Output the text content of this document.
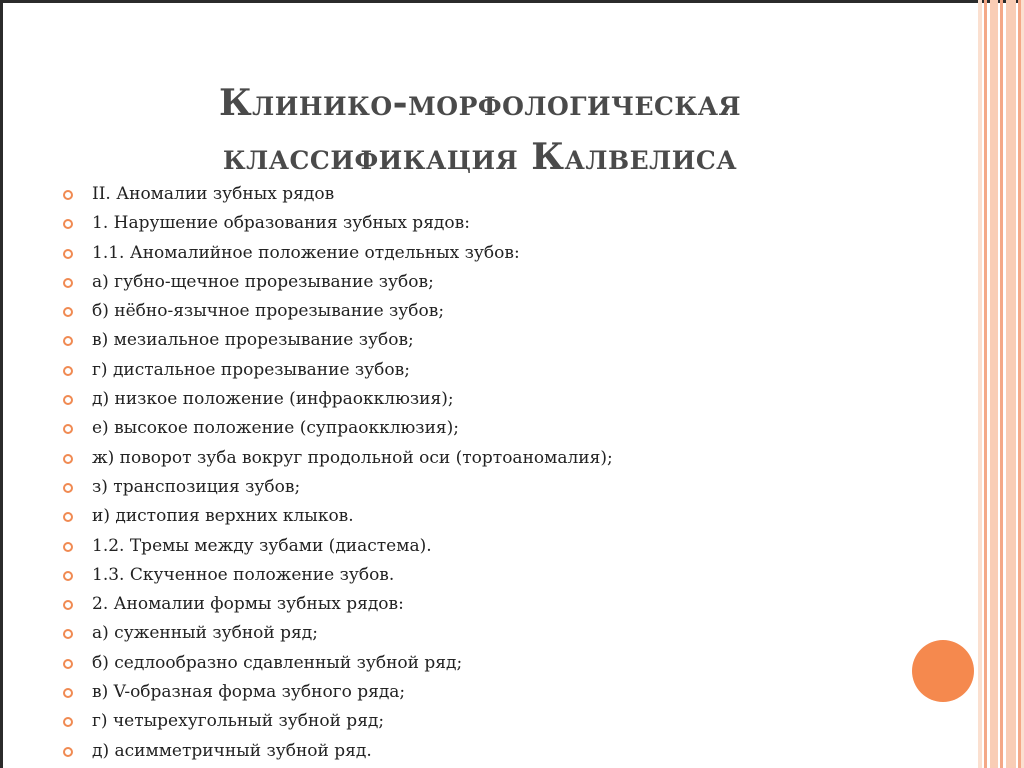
Клинико-морфологическая
классификация Калвелиса
II. Аномалии зубных рядов
1. Нарушение образования зубных рядов:
1.1. Аномалийное положение отдельных зубов:
а) губно-щечное прорезывание зубов;
б) нёбно-язычное прорезывание зубов;
в) мезиальное прорезывание зубов;
г) дистальное прорезывание зубов;
д) низкое положение (инфраокклюзия);
е) высокое положение (супраокклюзия);
ж) поворот зуба вокруг продольной оси (тортоаномалия);
з) транспозиция зубов;
и) дистопия верхних клыков.
1.2. Тремы между зубами (диастема).
1.3. Скученное положение зубов.
2. Аномалии формы зубных рядов:
а) суженный зубной ряд;
б) седлообразно сдавленный зубной ряд;
в) V-образная форма зубного ряда;
г) четырехугольный зубной ряд;
д) асимметричный зубной ряд.
